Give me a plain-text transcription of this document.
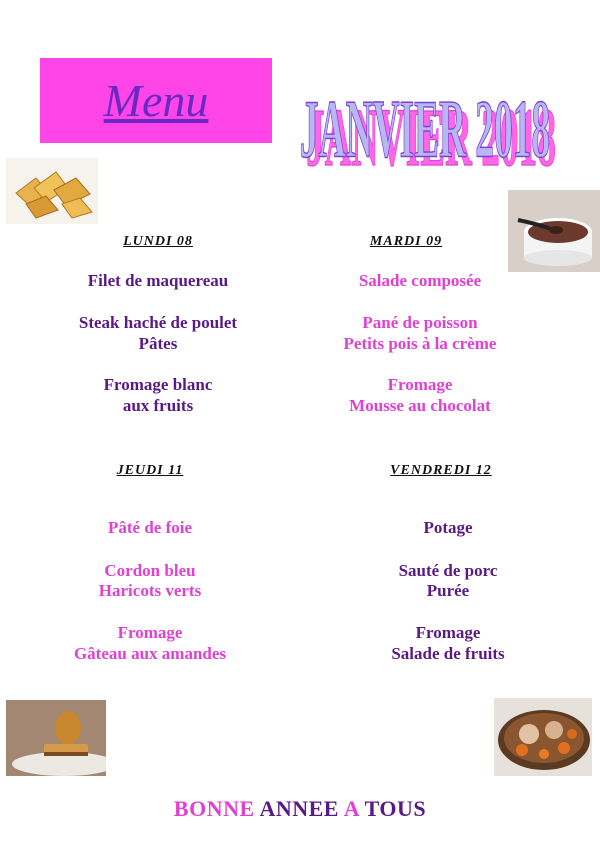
Menu JANVIER 2018
JANVIER 2018
LUNDI 08	MARDI 09
JEUDI 11	VENDREDI 12
Filet de maquereau
Steak haché de poulet
Pâtes
Fromage blanc
aux fruits
Salade composée
Pané de poisson
Petits pois à la crème
Fromage
Mousse au chocolat
Pâté de foie
Cordon bleu
Haricots verts
Fromage
Gâteau aux amandes
Potage
Sauté de porc
Purée
Fromage
Salade de fruits
BONNE ANNEE A TOUS
